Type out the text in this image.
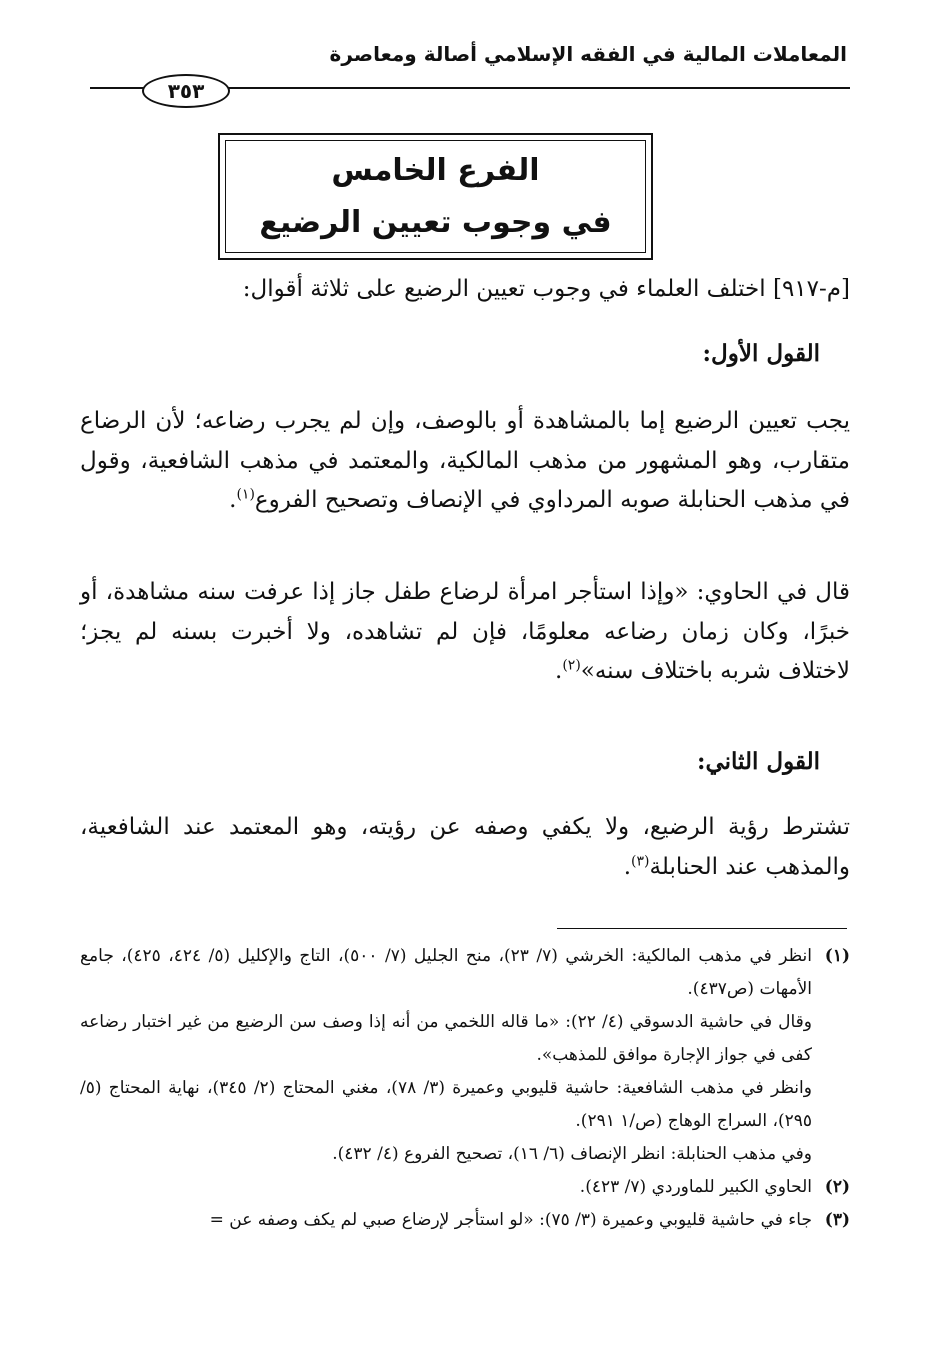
المعاملات المالية في الفقه الإسلامي أصالة ومعاصرة
٣٥٣
الفرع الخامس
في وجوب تعيين الرضيع
[م-٩١٧] اختلف العلماء في وجوب تعيين الرضيع على ثلاثة أقوال:
القول الأول:
يجب تعيين الرضيع إما بالمشاهدة أو بالوصف، وإن لم يجرب رضاعه؛ لأن الرضاع متقارب، وهو المشهور من مذهب المالكية، والمعتمد في مذهب الشافعية، وقول في مذهب الحنابلة صوبه المرداوي في الإنصاف وتصحيح الفروع$^{(١)}$.
قال في الحاوي: «وإذا استأجر امرأة لرضاع طفل جاز إذا عرفت سنه مشاهدة، أو خبرًا، وكان زمان رضاعه معلومًا، فإن لم تشاهده، ولا أخبرت بسنه لم يجز؛ لاختلاف شربه باختلاف سنه»$^{(٢)}$.
القول الثاني:
تشترط رؤية الرضيع، ولا يكفي وصفه عن رؤيته، وهو المعتمد عند الشافعية، والمذهب عند الحنابلة$^{(٣)}$.
(١)
انظر في مذهب المالكية: الخرشي (٧/ ٢٣)، منح الجليل (٧/ ٥٠٠)، التاج والإكليل (٥/ ٤٢٤، ٤٢٥)، جامع الأمهات (ص٤٣٧).
وقال في حاشية الدسوقي (٤/ ٢٢): «ما قاله اللخمي من أنه إذا وصف سن الرضيع من غير اختبار رضاعه كفى في جواز الإجارة موافق للمذهب».
وانظر في مذهب الشافعية: حاشية قليوبي وعميرة (٣/ ٧٨)، مغني المحتاج (٢/ ٣٤٥)، نهاية المحتاج (٥/ ٢٩٥)، السراج الوهاج (ص/١ ٢٩١).
وفي مذهب الحنابلة: انظر الإنصاف (٦/ ١٦)، تصحيح الفروع (٤/ ٤٣٢).
(٢)
الحاوي الكبير للماوردي (٧/ ٤٢٣).
(٣)
جاء في حاشية قليوبي وعميرة (٣/ ٧٥): «لو استأجر لإرضاع صبي لم يكف وصفه عن =
